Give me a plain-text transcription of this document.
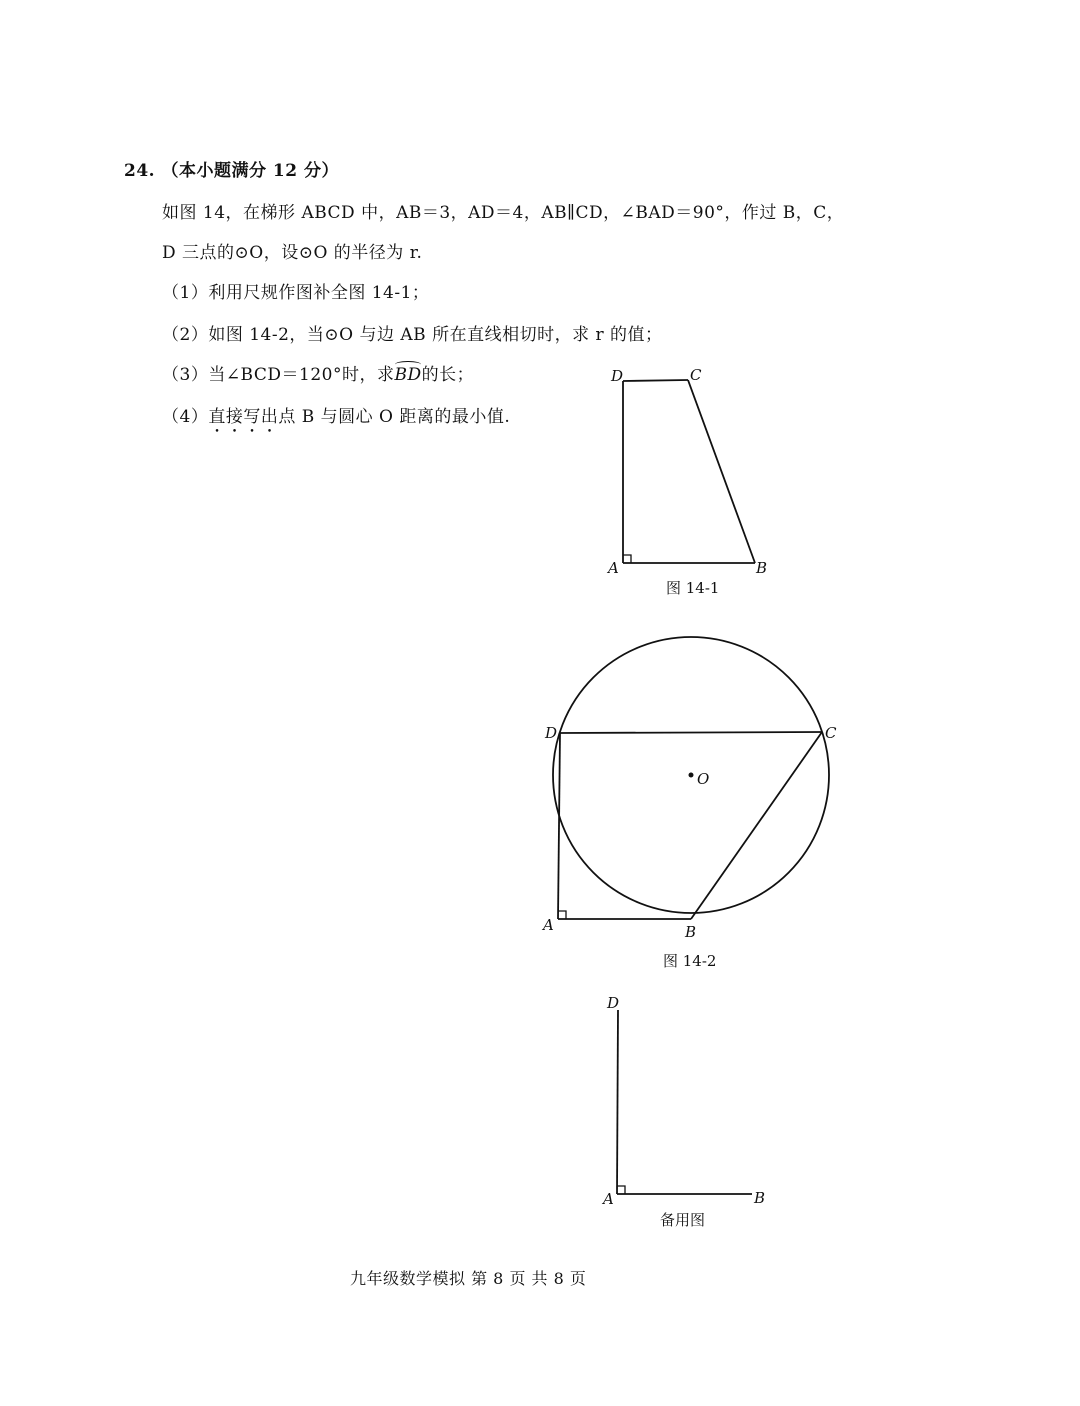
24. （本小题满分 12 分）
如图 14，在梯形 ABCD 中，AB＝3，AD＝4，AB∥CD，∠BAD＝90°，作过 B，C，
D 三点的⊙O，设⊙O 的半径为 r.
（1）利用尺规作图补全图 14-1；
（2）如图 14-2，当⊙O 与边 AB 所在直线相切时，求 r 的值；
（3）当∠BCD＝120°时，求BD的长；
（4）直接写出点 B 与圆心 O 距离的最小值.
D	C
A	B
D	C
O
A	B
D
A	B
图 14-1
图 14-2
备用图
九年级数学模拟 第 8 页 共 8 页
